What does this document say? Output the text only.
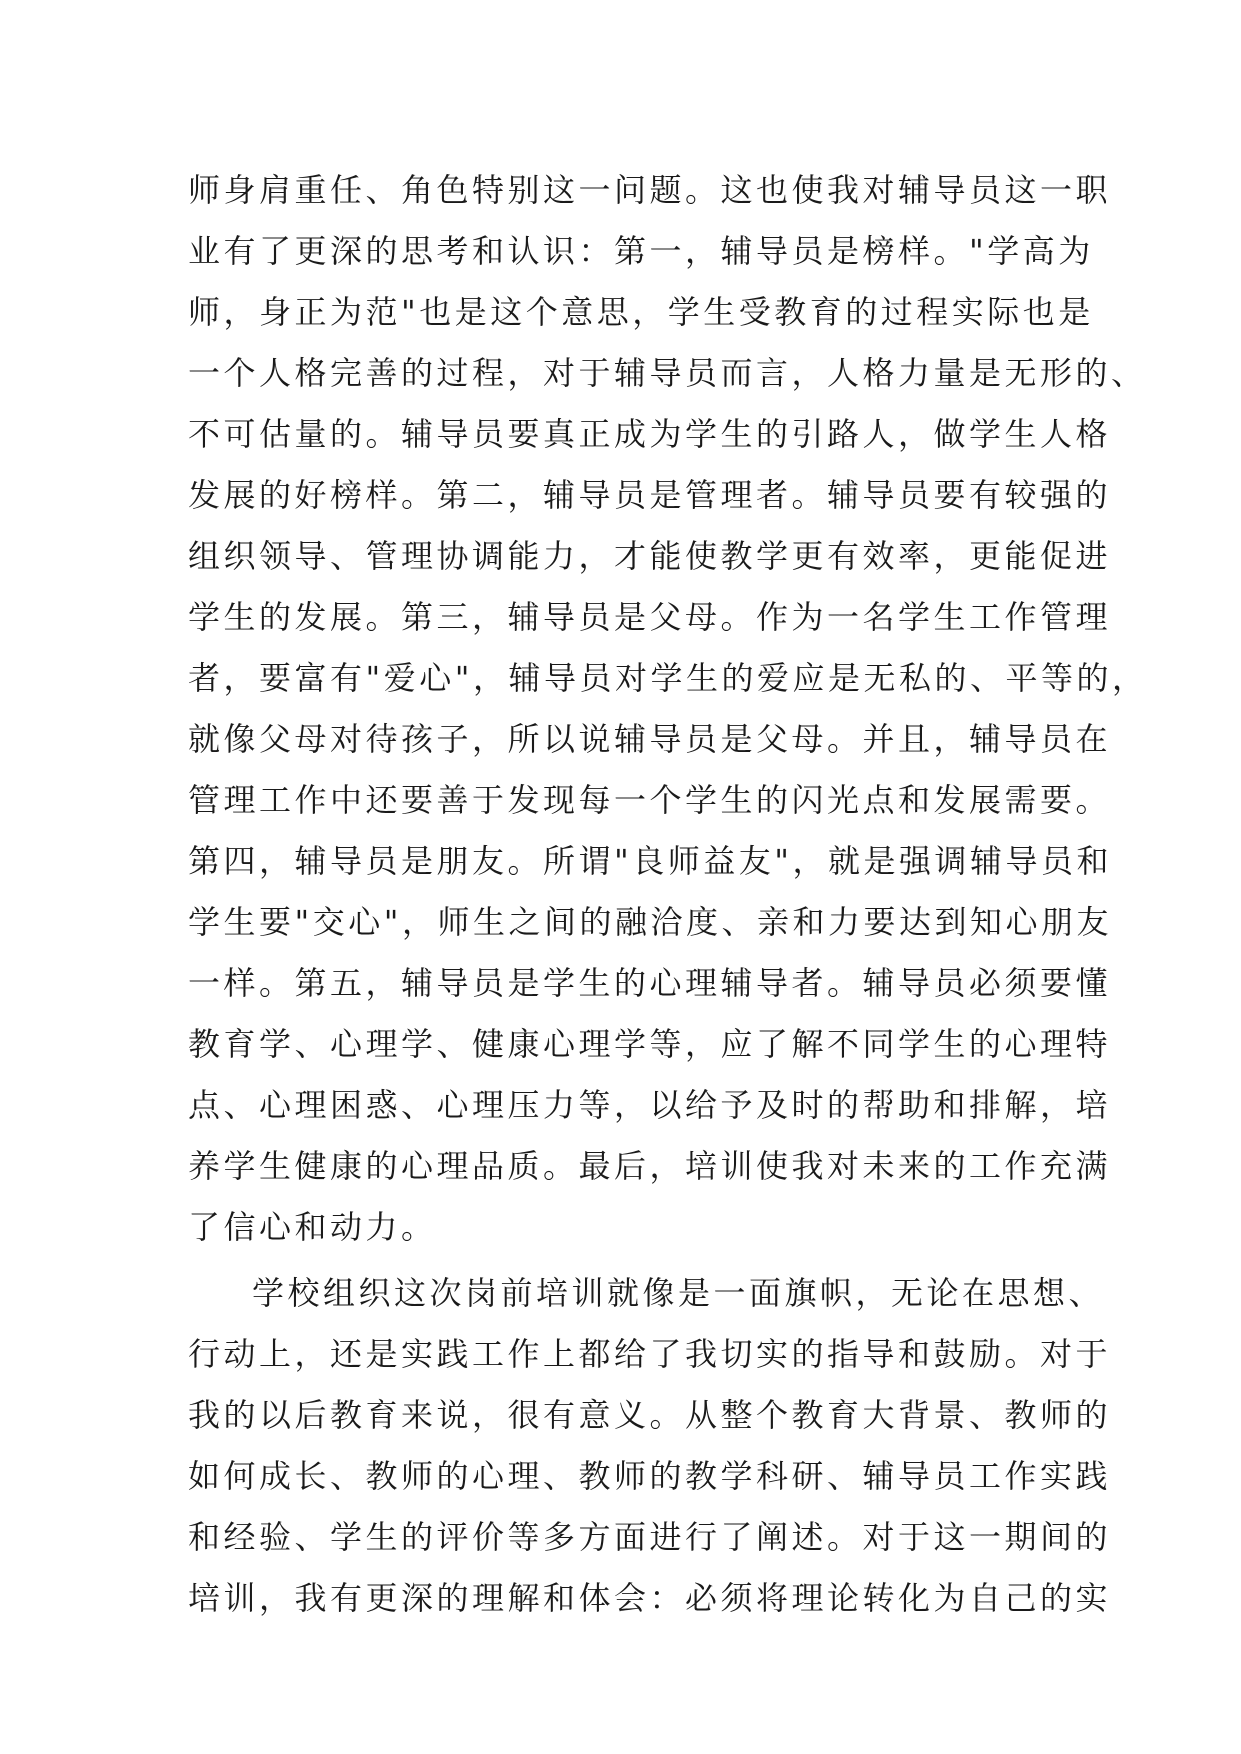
师身肩重任、角色特别这一问题。这也使我对辅导员这一职
业有了更深的思考和认识：第一，辅导员是榜样。"学高为
师，身正为范"也是这个意思，学生受教育的过程实际也是
一个人格完善的过程，对于辅导员而言，人格力量是无形的、
不可估量的。辅导员要真正成为学生的引路人，做学生人格
发展的好榜样。第二，辅导员是管理者。辅导员要有较强的
组织领导、管理协调能力，才能使教学更有效率，更能促进
学生的发展。第三，辅导员是父母。作为一名学生工作管理
者，要富有"爱心"，辅导员对学生的爱应是无私的、平等的，
就像父母对待孩子，所以说辅导员是父母。并且，辅导员在
管理工作中还要善于发现每一个学生的闪光点和发展需要。
第四，辅导员是朋友。所谓"良师益友"，就是强调辅导员和
学生要"交心"，师生之间的融洽度、亲和力要达到知心朋友
一样。第五，辅导员是学生的心理辅导者。辅导员必须要懂
教育学、心理学、健康心理学等，应了解不同学生的心理特
点、心理困惑、心理压力等，以给予及时的帮助和排解，培
养学生健康的心理品质。最后，培训使我对未来的工作充满
了信心和动力。
学校组织这次岗前培训就像是一面旗帜，无论在思想、
行动上，还是实践工作上都给了我切实的指导和鼓励。对于
我的以后教育来说，很有意义。从整个教育大背景、教师的
如何成长、教师的心理、教师的教学科研、辅导员工作实践
和经验、学生的评价等多方面进行了阐述。对于这一期间的
培训，我有更深的理解和体会：必须将理论转化为自己的实
